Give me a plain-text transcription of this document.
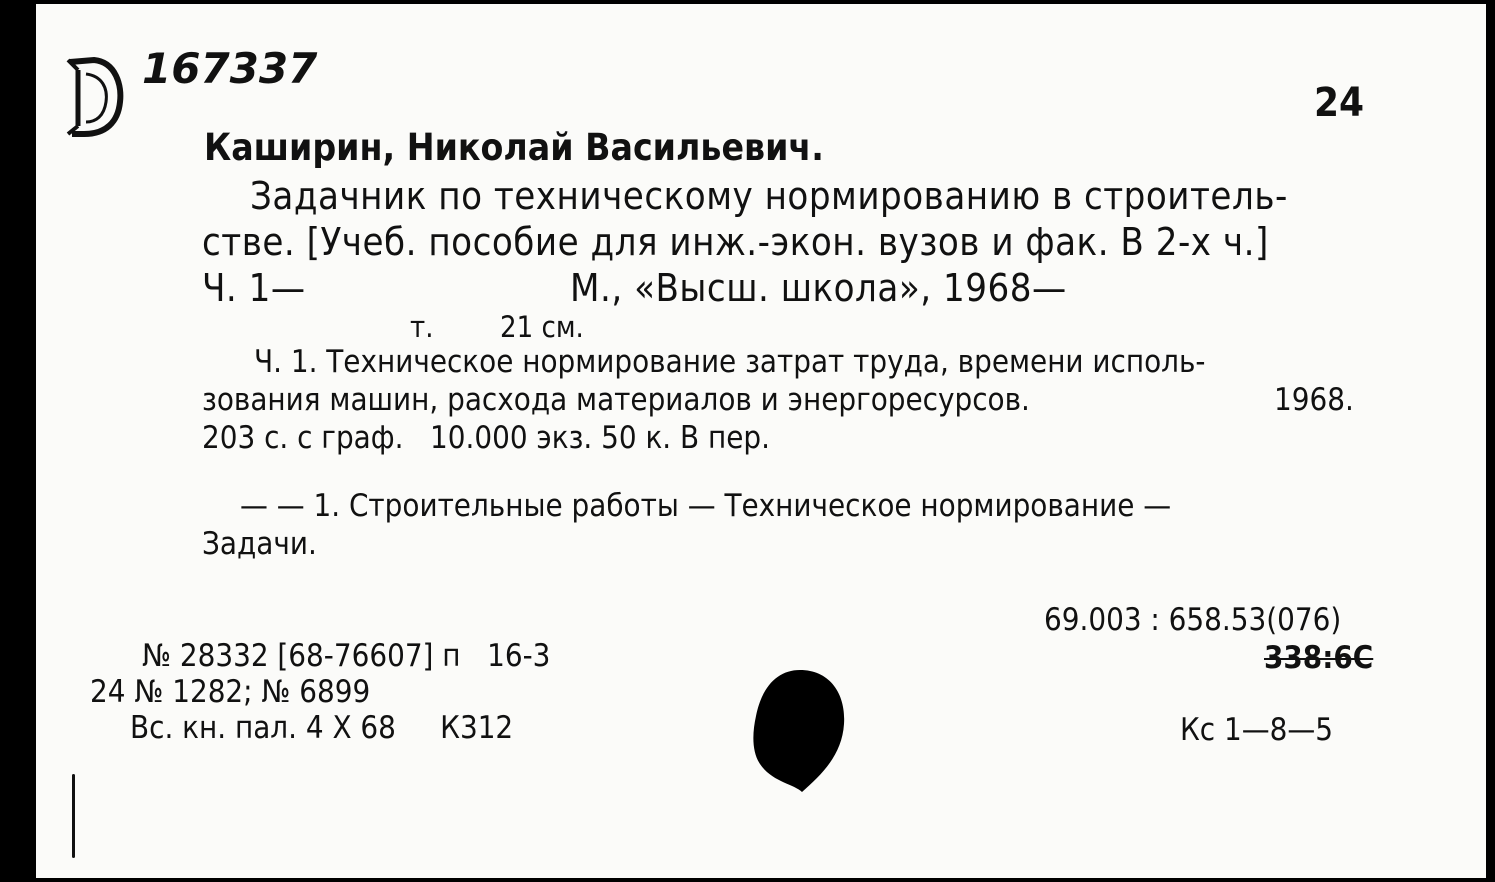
167337
24
Каширин, Николай Васильевич.
Задачник по техническому нормированию в строитель-
стве. [Учеб. пособие для инж.-экон. вузов и фак. В 2-х ч.]
Ч. 1—	М., «Высш. школа», 1968—
т. 21 см.
Ч. 1. Техническое нормирование затрат труда, времени исполь-
зования машин, расхода материалов и энергоресурсов.	1968.
203 с. с граф.   10.000 экз. 50 к. В пер.
— — 1. Строительные работы — Техническое нормирование —
Задачи.
69.003 : 658.53(076)
338:6С
№ 28332 [68-76607] п   16-3
24 № 1282; № 6899
Вс. кн. пал. 4 X 68     К312	Кс 1—8—5
